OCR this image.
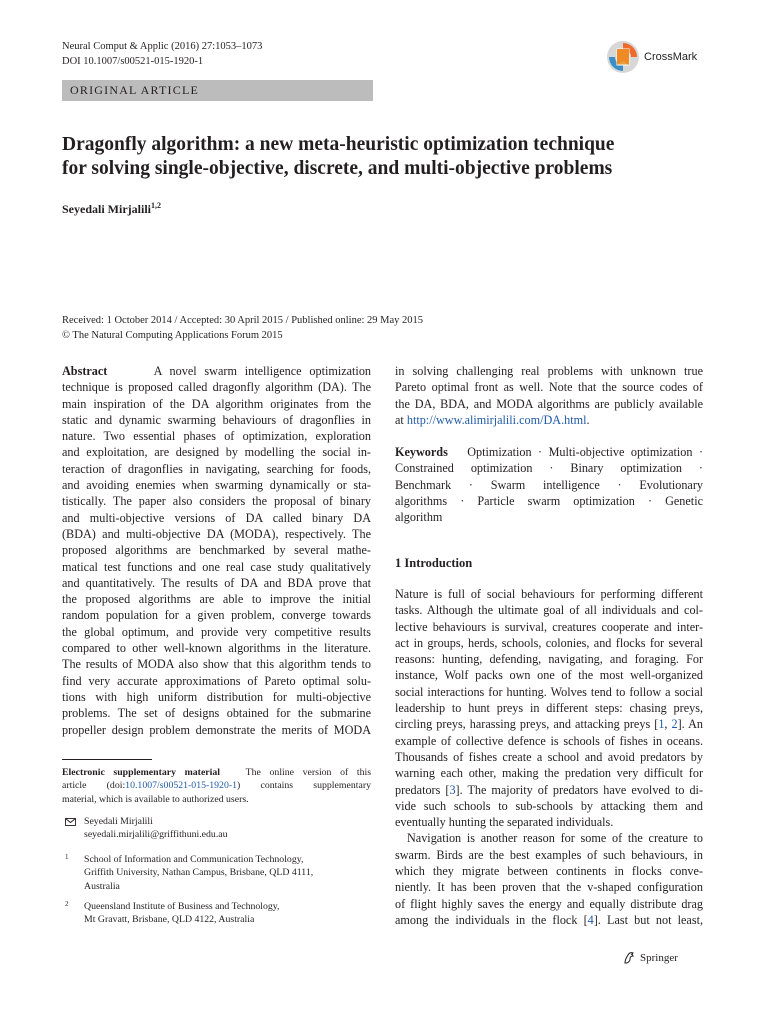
Neural Comput & Applic (2016) 27:1053–1073
DOI 10.1007/s00521-015-1920-1
ORIGINAL ARTICLE
CrossMark
Dragonfly algorithm: a new meta-heuristic optimization technique
for solving single-objective, discrete, and multi-objective problems
Seyedali Mirjalili$^{1,2}$
Received: 1 October 2014 / Accepted: 30 April 2015 / Published online: 29 May 2015
© The Natural Computing Applications Forum 2015
Abstract	A novel swarm intelligence optimization
technique is proposed called dragonfly algorithm (DA). The
main inspiration of the DA algorithm originates from the
static and dynamic swarming behaviours of dragonflies in
nature. Two essential phases of optimization, exploration
and exploitation, are designed by modelling the social in-
teraction of dragonflies in navigating, searching for foods,
and avoiding enemies when swarming dynamically or sta-
tistically. The paper also considers the proposal of binary
and multi-objective versions of DA called binary DA
(BDA) and multi-objective DA (MODA), respectively. The
proposed algorithms are benchmarked by several mathe-
matical test functions and one real case study qualitatively
and quantitatively. The results of DA and BDA prove that
the proposed algorithms are able to improve the initial
random population for a given problem, converge towards
the global optimum, and provide very competitive results
compared to other well-known algorithms in the literature.
The results of MODA also show that this algorithm tends to
find very accurate approximations of Pareto optimal solu-
tions with high uniform distribution for multi-objective
problems. The set of designs obtained for the submarine
propeller design problem demonstrate the merits of MODA
Electronic supplementary material	The online version of this
article (doi:10.1007/s00521-015-1920-1) contains supplementary
material, which is available to authorized users.
Seyedali Mirjalili
seyedali.mirjalili@griffithuni.edu.au
1 School of Information and Communication Technology,
Griffith University, Nathan Campus, Brisbane, QLD 4111,
Australia
2 Queensland Institute of Business and Technology,
Mt Gravatt, Brisbane, QLD 4122, Australia
in solving challenging real problems with unknown true
Pareto optimal front as well. Note that the source codes of
the DA, BDA, and MODA algorithms are publicly available
at http://www.alimirjalili.com/DA.html.
Keywords Optimization · Multi-objective optimization ·
Constrained optimization · Binary optimization ·
Benchmark · Swarm intelligence · Evolutionary
algorithms · Particle swarm optimization · Genetic
algorithm
1 Introduction
Nature is full of social behaviours for performing different
tasks. Although the ultimate goal of all individuals and col-
lective behaviours is survival, creatures cooperate and inter-
act in groups, herds, schools, colonies, and flocks for several
reasons: hunting, defending, navigating, and foraging. For
instance, Wolf packs own one of the most well-organized
social interactions for hunting. Wolves tend to follow a social
leadership to hunt preys in different steps: chasing preys,
circling preys, harassing preys, and attacking preys [1, 2]. An
example of collective defence is schools of fishes in oceans.
Thousands of fishes create a school and avoid predators by
warning each other, making the predation very difficult for
predators [3]. The majority of predators have evolved to di-
vide such schools to sub-schools by attacking them and
eventually hunting the separated individuals.
Navigation is another reason for some of the creature to
swarm. Birds are the best examples of such behaviours, in
which they migrate between continents in flocks conve-
niently. It has been proven that the v-shaped configuration
of flight highly saves the energy and equally distribute drag
among the individuals in the flock [4]. Last but not least,
Springer
